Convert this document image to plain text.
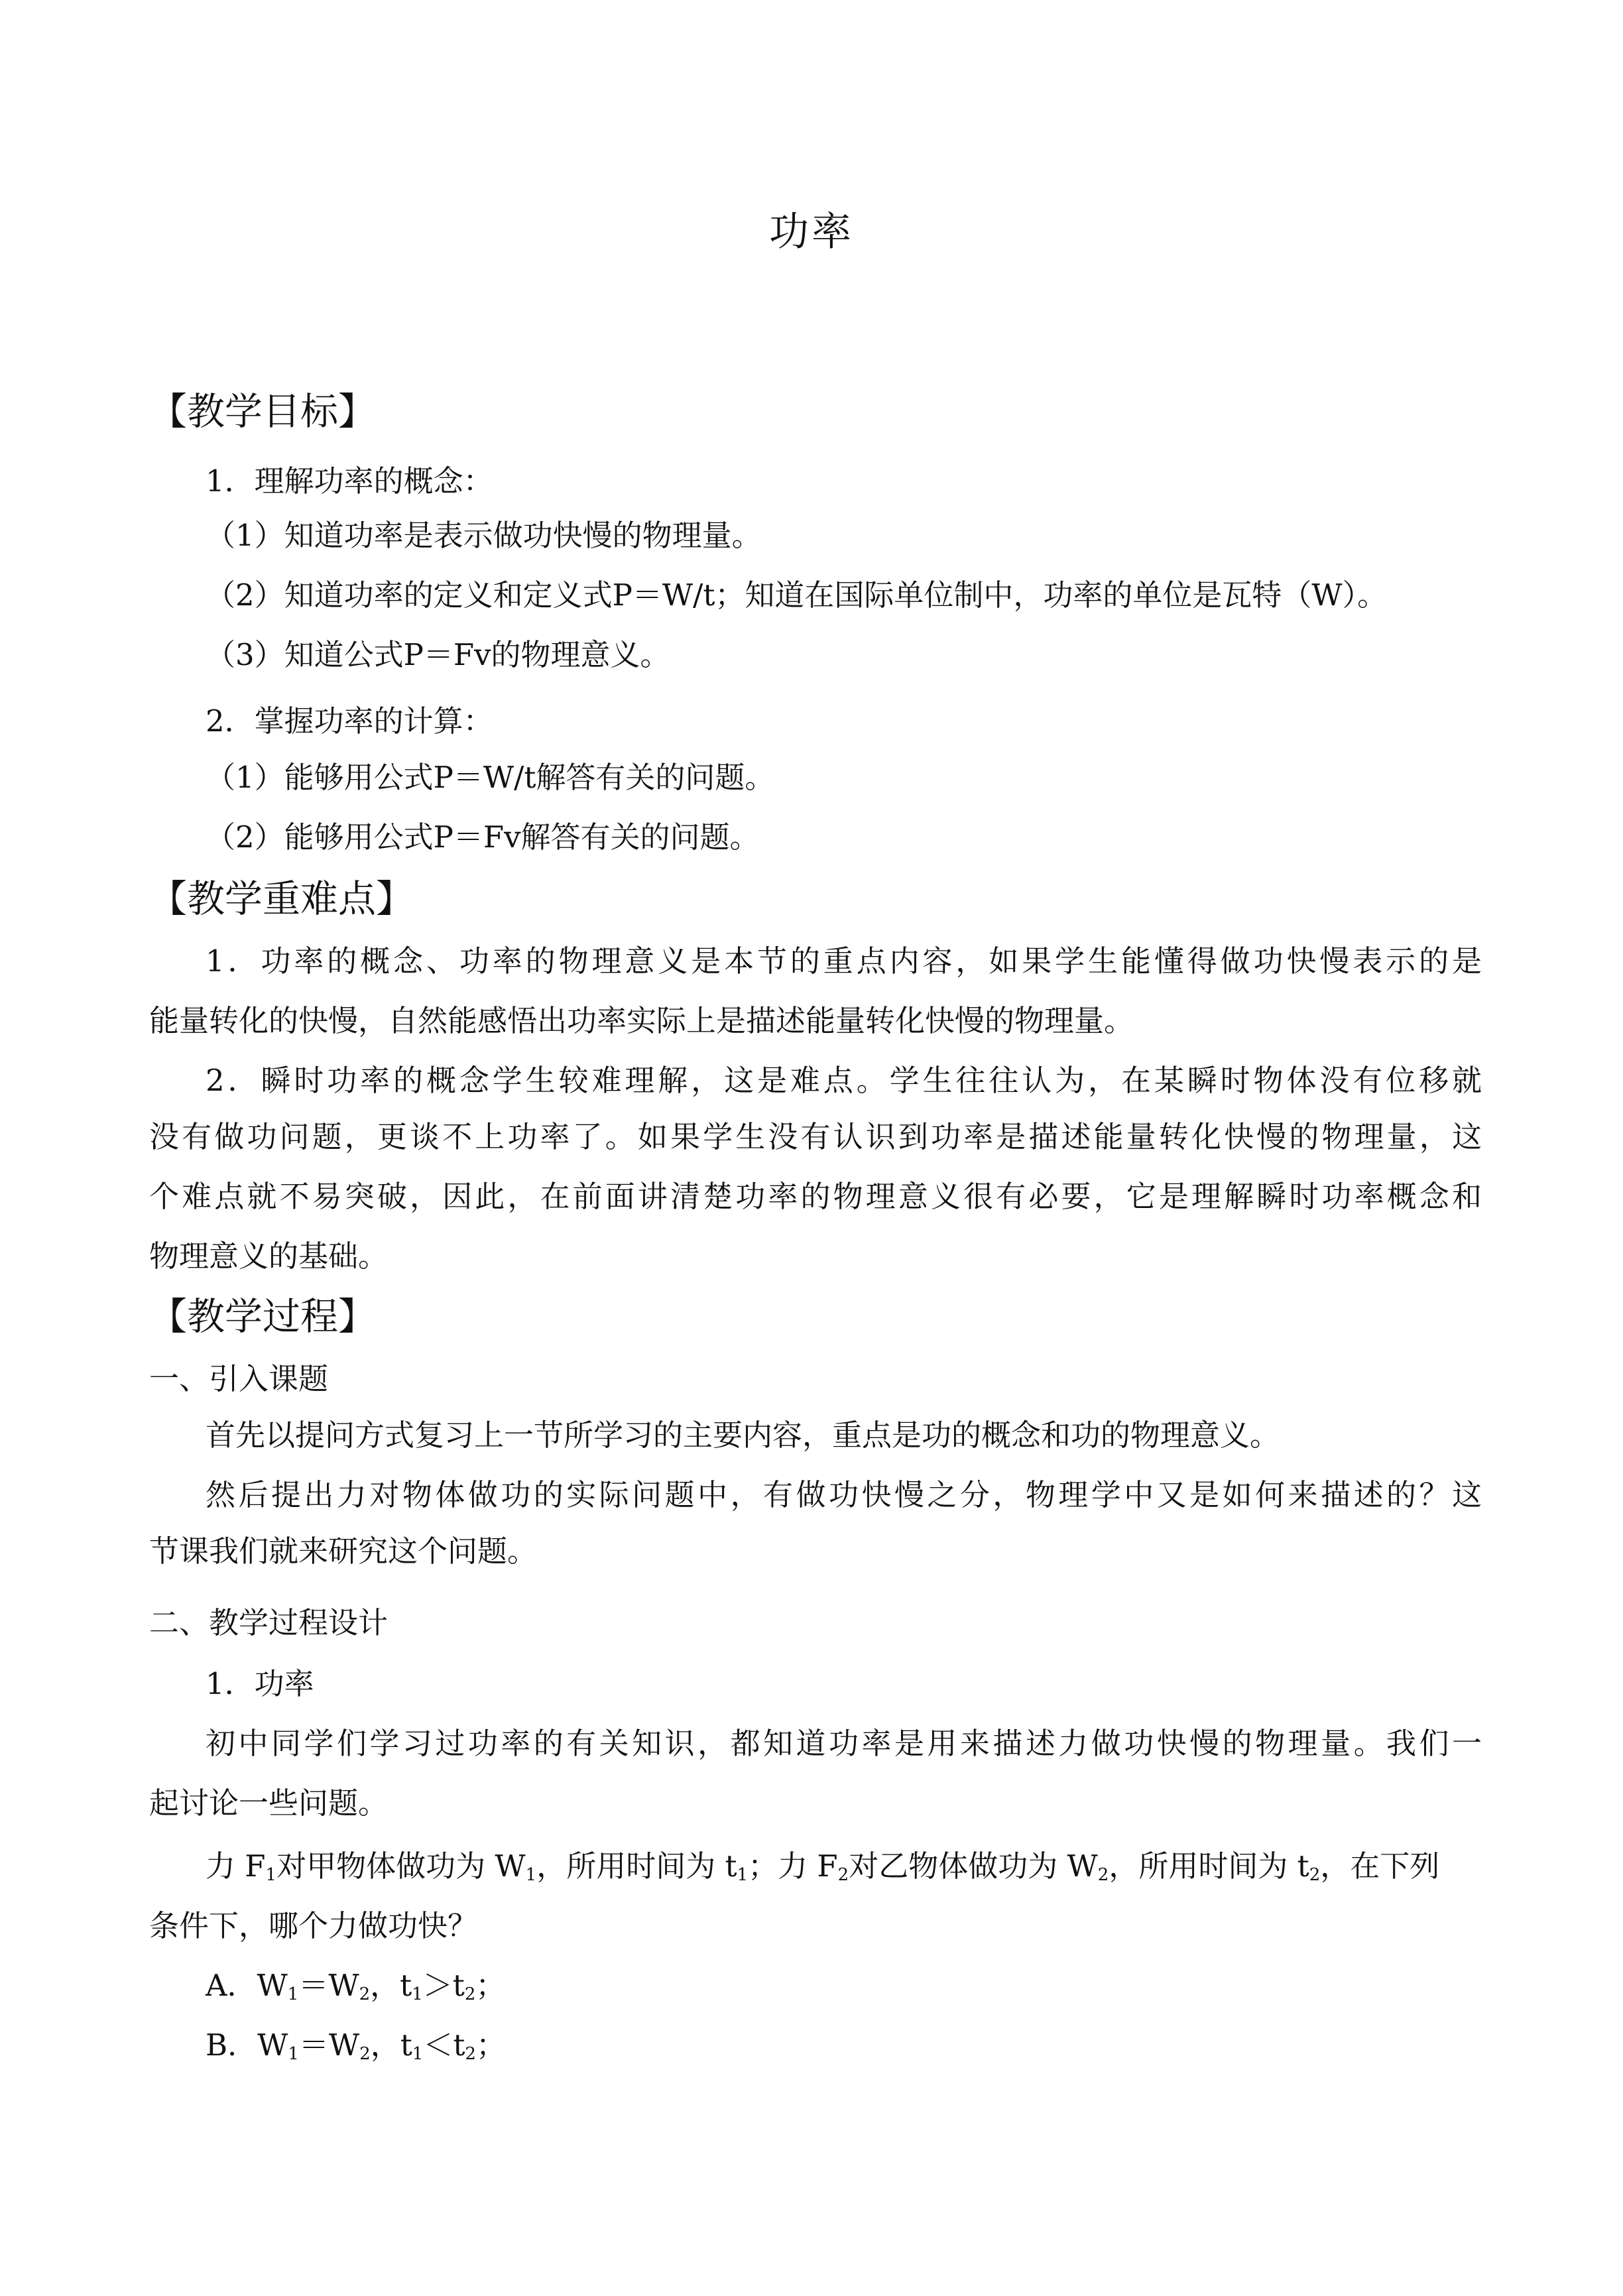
功率
【教学目标】
1．理解功率的概念：
（1）知道功率是表示做功快慢的物理量。
（2）知道功率的定义和定义式P＝W/t；知道在国际单位制中，功率的单位是瓦特（W）。
（3）知道公式P＝Fv的物理意义。
2．掌握功率的计算：
（1）能够用公式P＝W/t解答有关的问题。
（2）能够用公式P＝Fv解答有关的问题。
【教学重难点】
1．功率的概念、功率的物理意义是本节的重点内容，如果学生能懂得做功快慢表示的是
能量转化的快慢，自然能感悟出功率实际上是描述能量转化快慢的物理量。
2．瞬时功率的概念学生较难理解，这是难点。学生往往认为，在某瞬时物体没有位移就
没有做功问题，更谈不上功率了。如果学生没有认识到功率是描述能量转化快慢的物理量，这
个难点就不易突破，因此，在前面讲清楚功率的物理意义很有必要，它是理解瞬时功率概念和
物理意义的基础。
【教学过程】
一、引入课题
首先以提问方式复习上一节所学习的主要内容，重点是功的概念和功的物理意义。
然后提出力对物体做功的实际问题中，有做功快慢之分，物理学中又是如何来描述的？这
节课我们就来研究这个问题。
二、教学过程设计
1．功率
初中同学们学习过功率的有关知识，都知道功率是用来描述力做功快慢的物理量。我们一
起讨论一些问题。
力 $F_1$对甲物体做功为 $W_1$，所用时间为 $t_1$；力 $F_2$对乙物体做功为 $W_2$，所用时间为 $t_2$，在下列
条件下，哪个力做功快？
A．$W_1=W_2$，$t_1>t_2$；
B．$W_1=W_2$，$t_1<t_2$；
